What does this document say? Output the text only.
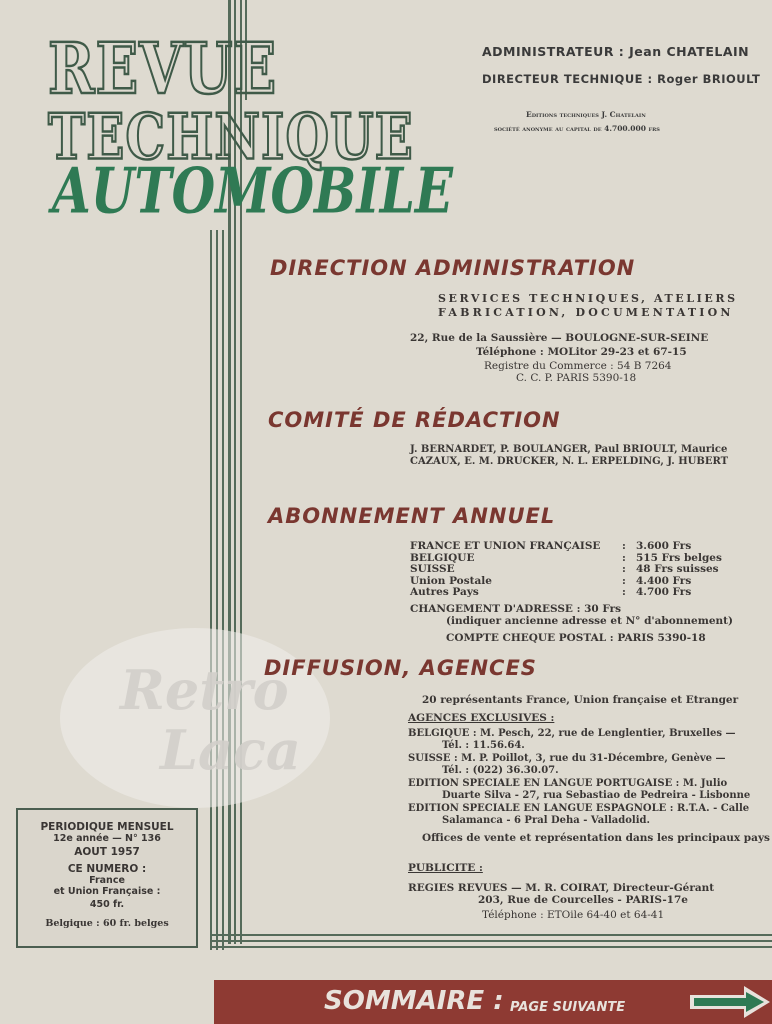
REVUE
TECHNIQUE
AUTOMOBILE
ADMINISTRATEUR : Jean CHATELAIN
DIRECTEUR TECHNIQUE : Roger BRIOULT
Editions techniques J. Chatelain
société anonyme au capital de 4.700.000 frs
DIRECTION ADMINISTRATION
SERVICES TECHNIQUES, ATELIERS
FABRICATION, DOCUMENTATION
22, Rue de la Saussière — BOULOGNE-SUR-SEINE
Téléphone : MOLitor 29-23 et 67-15
Registre du Commerce : 54 B 7264
C. C. P. PARIS 5390-18
COMITÉ DE RÉDACTION
J. BERNARDET, P. BOULANGER, Paul BRIOULT, Maurice
CAZAUX, E. M. DRUCKER, N. L. ERPELDING, J. HUBERT
ABONNEMENT ANNUEL
FRANCE ET UNION FRANÇAISE : 3.600 Frs
BELGIQUE	: 515 Frs belges
SUISSE	: 48 Frs suisses
Union Postale	: 4.400 Frs
Autres Pays	: 4.700 Frs
CHANGEMENT D'ADRESSE : 30 Frs
(indiquer ancienne adresse et N° d'abonnement)
COMPTE CHEQUE POSTAL : PARIS 5390-18
Retro
Laca
DIFFUSION, AGENCES
20 représentants France, Union française et Etranger
AGENCES EXCLUSIVES :
BELGIQUE : M. Pesch, 22, rue de Lenglentier, Bruxelles —
Tél. : 11.56.64.
SUISSE : M. P. Poillot, 3, rue du 31-Décembre, Genève —
Tél. : (022) 36.30.07.
EDITION SPECIALE EN LANGUE PORTUGAISE : M. Julio
Duarte Silva - 27, rua Sebastiao de Pedreira - Lisbonne
EDITION SPECIALE EN LANGUE ESPAGNOLE : R.T.A. - Calle
Salamanca - 6 Pral Deha - Valladolid.
Offices de vente et représentation dans les principaux pays
PUBLICITE :
REGIES REVUES — M. R. COIRAT, Directeur-Gérant
203, Rue de Courcelles - PARIS-17e
Téléphone : ETOile 64-40 et 64-41
PERIODIQUE MENSUEL
12e année — N° 136
AOUT 1957
CE NUMERO :
France
et Union Française :
450 fr.
Belgique : 60 fr. belges
SOMMAIRE : PAGE SUIVANTE
